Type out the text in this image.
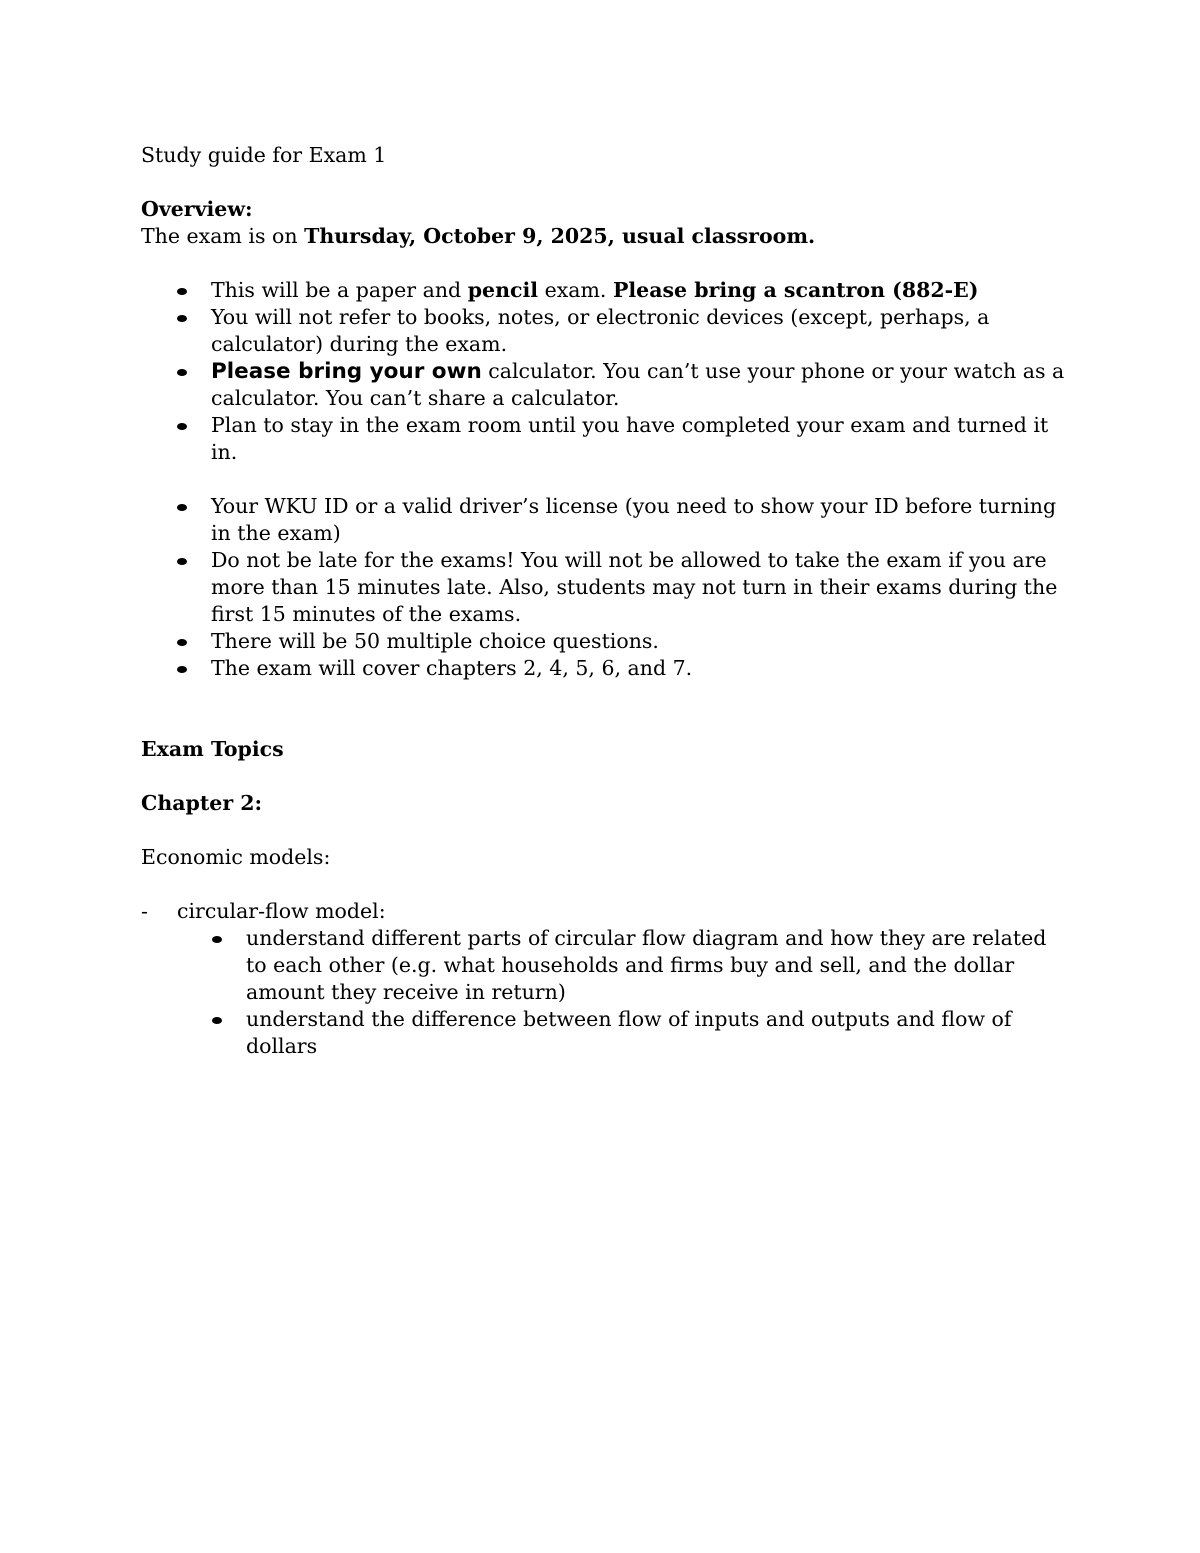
Study guide for Exam 1

Overview:

The exam is on Thursday, October 9, 2025, usual classroom.

This will be a paper and pencil exam. Please bring a scantron (882-E)
You will not refer to books, notes, or electronic devices (except, perhaps, a calculator) during the exam.
Please bring your own calculator. You can’t use your phone or your watch as a calculator. You can’t share a calculator.
Plan to stay in the exam room until you have completed your exam and turned it in.
Your WKU ID or a valid driver’s license (you need to show your ID before turning in the exam)
Do not be late for the exams! You will not be allowed to take the exam if you are more than 15 minutes late. Also, students may not turn in their exams during the first 15 minutes of the exams.
There will be 50 multiple choice questions.
The exam will cover chapters 2, 4, 5, 6, and 7.

Exam Topics

Chapter 2:

Economic models:

- circular-flow model:
understand different parts of circular flow diagram and how they are related to each other (e.g. what households and firms buy and sell, and the dollar amount they receive in return)
understand the difference between flow of inputs and outputs and flow of dollars
